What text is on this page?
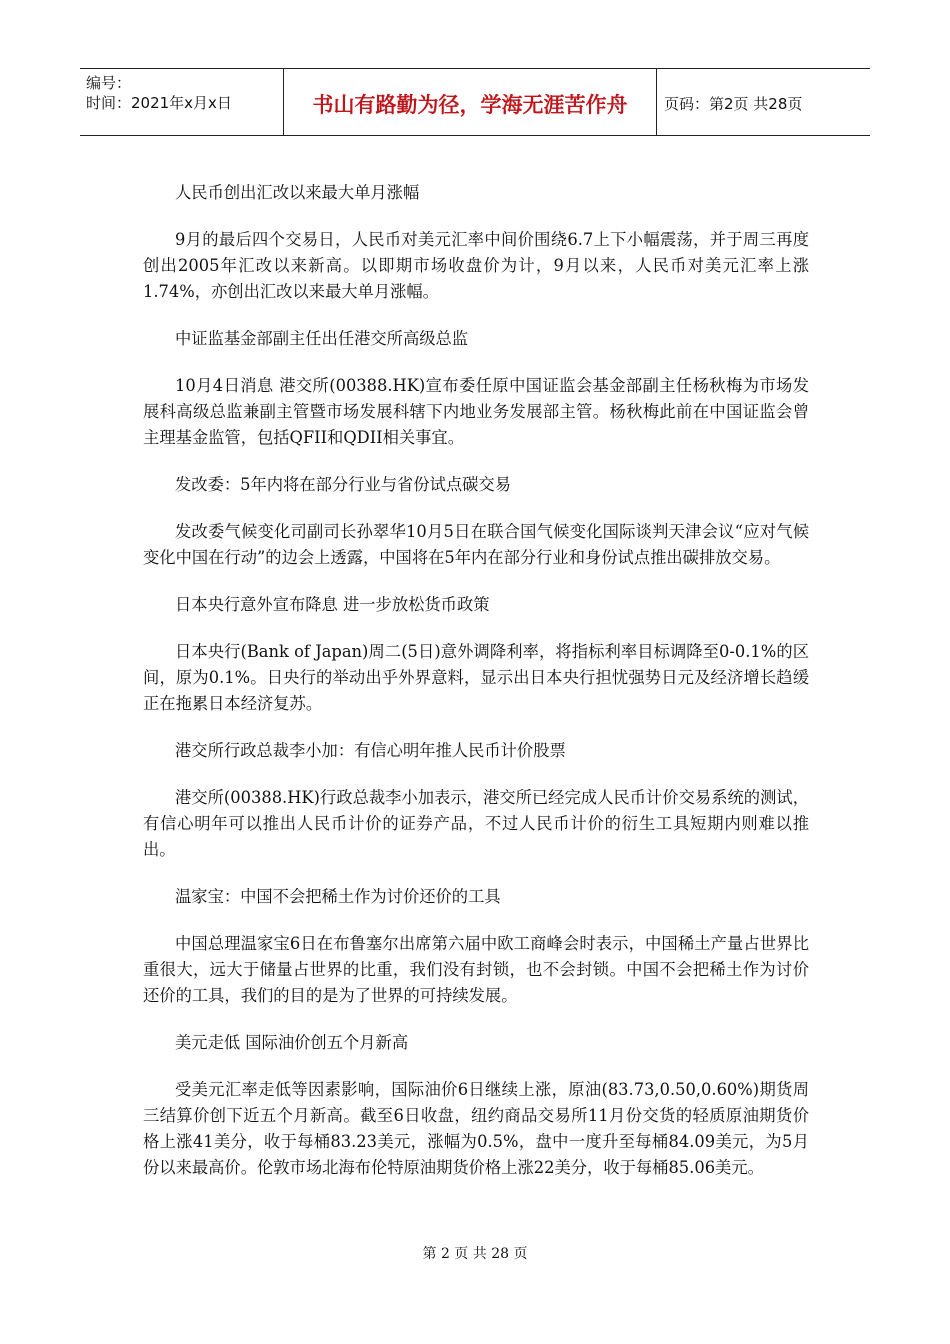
编号：
时间：2021年x月x日	书山有路勤为径，学海无涯苦作舟	页码：第2页 共28页

人民币创出汇改以来最大单月涨幅

9月的最后四个交易日，人民币对美元汇率中间价围绕6.7上下小幅震荡，并于周三再度创出2005年汇改以来新高。以即期市场收盘价为计，9月以来，人民币对美元汇率上涨1.74%，亦创出汇改以来最大单月涨幅。

中证监基金部副主任出任港交所高级总监

10月4日消息 港交所(00388.HK)宣布委任原中国证监会基金部副主任杨秋梅为市场发展科高级总监兼副主管暨市场发展科辖下内地业务发展部主管。杨秋梅此前在中国证监会曾主理基金监管，包括QFII和QDII相关事宜。

发改委：5年内将在部分行业与省份试点碳交易

发改委气候变化司副司长孙翠华10月5日在联合国气候变化国际谈判天津会议“应对气候变化中国在行动”的边会上透露，中国将在5年内在部分行业和身份试点推出碳排放交易。

日本央行意外宣布降息 进一步放松货币政策

日本央行(Bank of Japan)周二(5日)意外调降利率，将指标利率目标调降至0-0.1%的区间，原为0.1%。日央行的举动出乎外界意料，显示出日本央行担忧强势日元及经济增长趋缓正在拖累日本经济复苏。

港交所行政总裁李小加：有信心明年推人民币计价股票

港交所(00388.HK)行政总裁李小加表示，港交所已经完成人民币计价交易系统的测试，有信心明年可以推出人民币计价的证券产品，不过人民币计价的衍生工具短期内则难以推出。

温家宝：中国不会把稀土作为讨价还价的工具

中国总理温家宝6日在布鲁塞尔出席第六届中欧工商峰会时表示，中国稀土产量占世界比重很大，远大于储量占世界的比重，我们没有封锁，也不会封锁。中国不会把稀土作为讨价还价的工具，我们的目的是为了世界的可持续发展。

美元走低 国际油价创五个月新高

受美元汇率走低等因素影响，国际油价6日继续上涨，原油(83.73,0.50,0.60%)期货周三结算价创下近五个月新高。截至6日收盘，纽约商品交易所11月份交货的轻质原油期货价格上涨41美分，收于每桶83.23美元，涨幅为0.5%，盘中一度升至每桶84.09美元，为5月份以来最高价。伦敦市场北海布伦特原油期货价格上涨22美分，收于每桶85.06美元。

第 2 页 共 28 页
